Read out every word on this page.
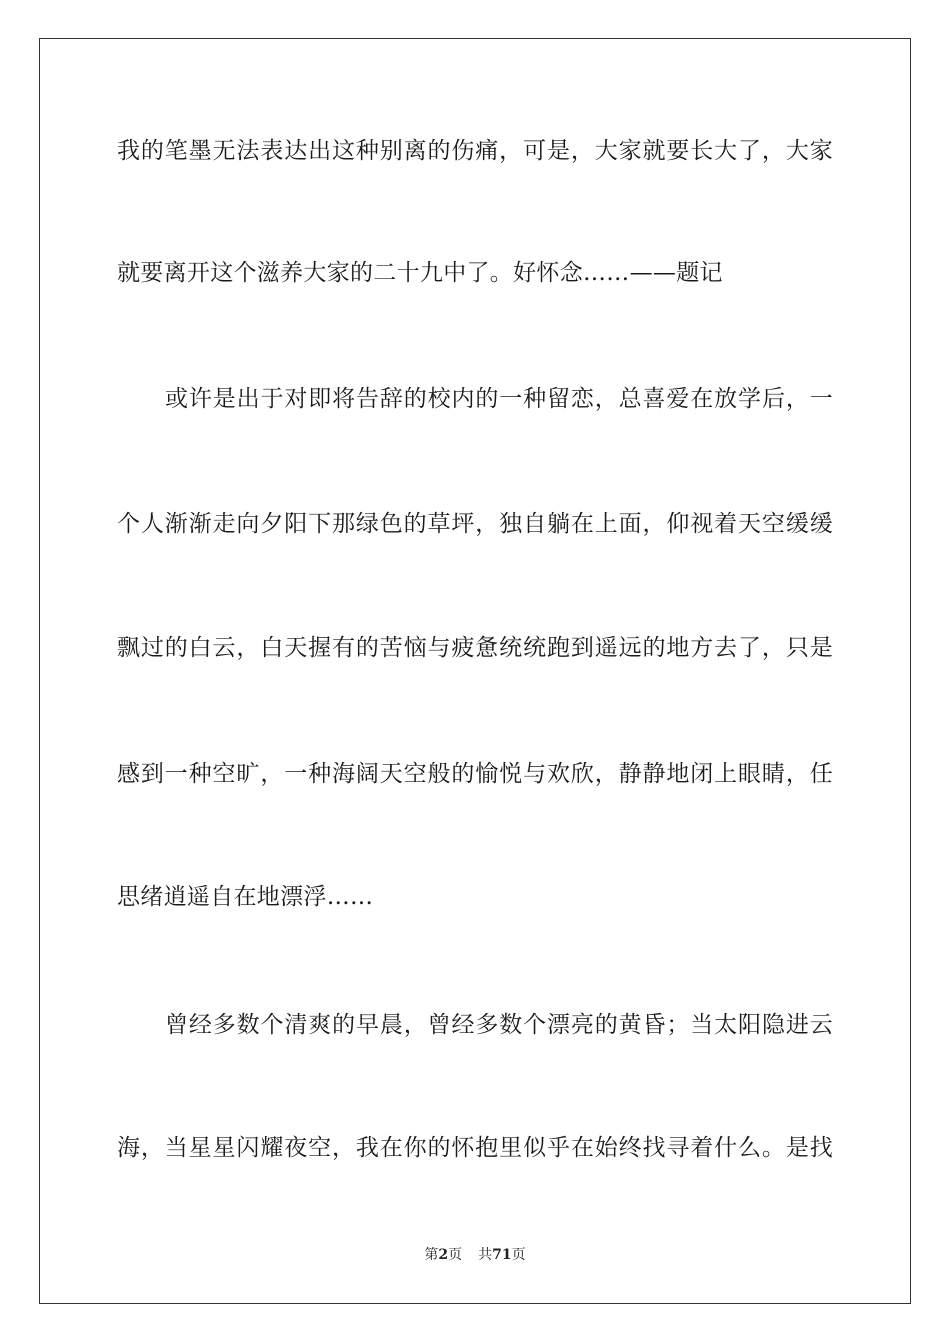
我的笔墨无法表达出这种别离的伤痛，可是，大家就要长大了，大家
就要离开这个滋养大家的二十九中了。好怀念……——题记
或许是出于对即将告辞的校内的一种留恋，总喜爱在放学后，一
个人渐渐走向夕阳下那绿色的草坪，独自躺在上面，仰视着天空缓缓
飘过的白云，白天握有的苦恼与疲惫统统跑到遥远的地方去了，只是
感到一种空旷，一种海阔天空般的愉悦与欢欣，静静地闭上眼睛，任
思绪逍遥自在地漂浮……
曾经多数个清爽的早晨，曾经多数个漂亮的黄昏；当太阳隐进云
海，当星星闪耀夜空，我在你的怀抱里似乎在始终找寻着什么。是找
第2页 共71页
